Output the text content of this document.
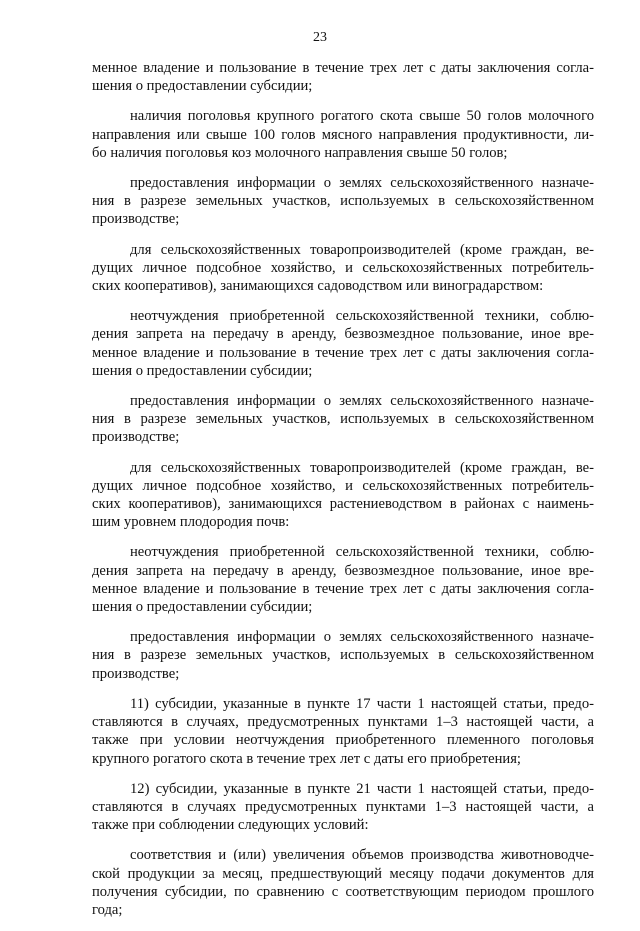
23

менное владение и пользование в течение трех лет с даты заключения согла-
шения о предоставлении субсидии;

наличия поголовья крупного рогатого скота свыше 50 голов молочного
направления или свыше 100 голов мясного направления продуктивности, ли-
бо наличия поголовья коз молочного направления свыше 50 голов;

предоставления информации о землях сельскохозяйственного назначе-
ния в разрезе земельных участков, используемых в сельскохозяйственном
производстве;

для сельскохозяйственных товаропроизводителей (кроме граждан, ве-
дущих личное подсобное хозяйство, и сельскохозяйственных потребитель-
ских кооперативов), занимающихся садоводством или виноградарством:

неотчуждения приобретенной сельскохозяйственной техники, соблю-
дения запрета на передачу в аренду, безвозмездное пользование, иное вре-
менное владение и пользование в течение трех лет с даты заключения согла-
шения о предоставлении субсидии;

предоставления информации о землях сельскохозяйственного назначе-
ния в разрезе земельных участков, используемых в сельскохозяйственном
производстве;

для сельскохозяйственных товаропроизводителей (кроме граждан, ве-
дущих личное подсобное хозяйство, и сельскохозяйственных потребитель-
ских кооперативов), занимающихся растениеводством в районах с наимень-
шим уровнем плодородия почв:

неотчуждения приобретенной сельскохозяйственной техники, соблю-
дения запрета на передачу в аренду, безвозмездное пользование, иное вре-
менное владение и пользование в течение трех лет с даты заключения согла-
шения о предоставлении субсидии;

предоставления информации о землях сельскохозяйственного назначе-
ния в разрезе земельных участков, используемых в сельскохозяйственном
производстве;

11) субсидии, указанные в пункте 17 части 1 настоящей статьи, предо-
ставляются в случаях, предусмотренных пунктами 1–3 настоящей части, а
также при условии неотчуждения приобретенного племенного поголовья
крупного рогатого скота в течение трех лет с даты его приобретения;

12) субсидии, указанные в пункте 21 части 1 настоящей статьи, предо-
ставляются в случаях предусмотренных пунктами 1–3 настоящей части, а
также при соблюдении следующих условий:

соответствия и (или) увеличения объемов производства животноводче-
ской продукции за месяц, предшествующий месяцу подачи документов для
получения субсидии, по сравнению с соответствующим периодом прошлого
года;
